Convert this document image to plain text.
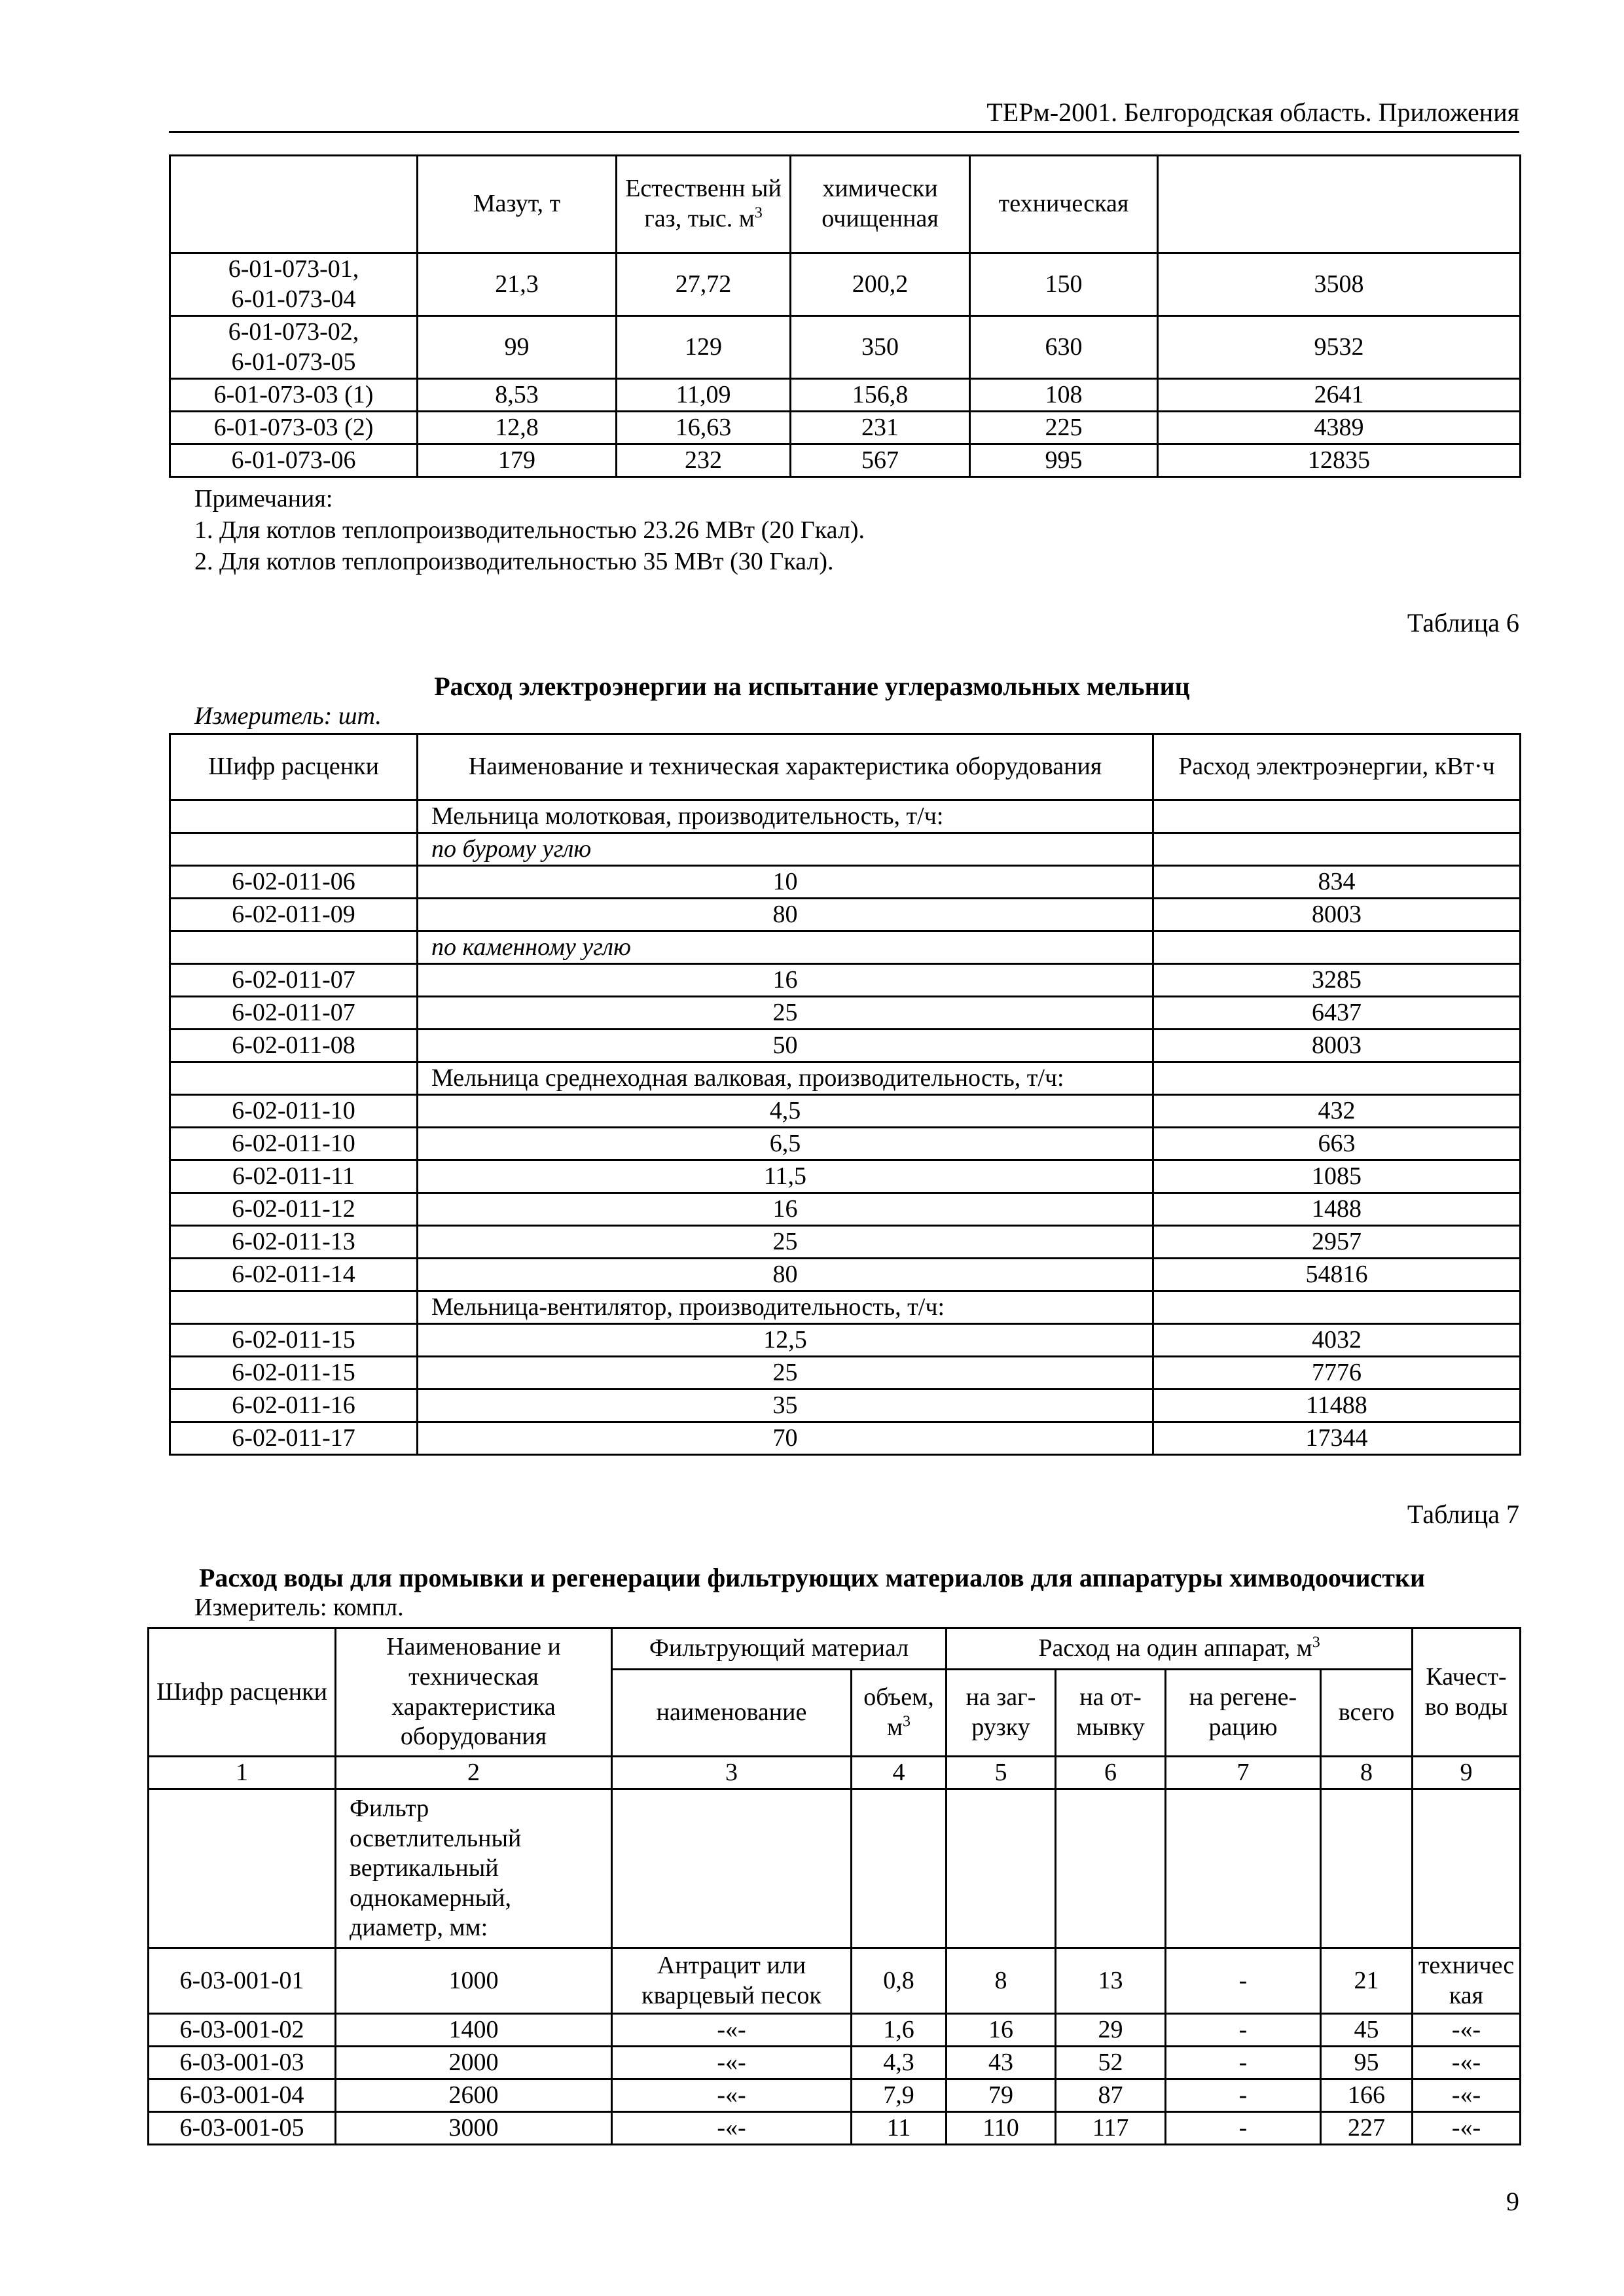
ТЕРм-2001. Белгородская область. Приложения
	Мазут, т	Естественн ый газ, тыс. $м^3$	химически очищенная	техническая	

6-01-073-01,
6-01-073-04	21,3	27,72	200,2	150	3508

6-01-073-02,
6-01-073-05	99	129	350	630	9532
6-01-073-03 (1)	8,53	11,09	156,8	108	2641
6-01-073-03 (2)	12,8	16,63	231	225	4389
6-01-073-06	179	232	567	995	12835
Примечания:
1. Для котлов теплопроизводительностью 23.26 МВт (20 Гкал).
2. Для котлов теплопроизводительностью 35 МВт (30 Гкал).
Таблица 6
Расход электроэнергии на испытание углеразмольных мельниц
Измеритель: шт.
Шифр расценки	Наименование и техническая характеристика оборудования	Расход электроэнергии, кВт·ч
	Мельница молотковая, производительность, т/ч:	
	по бурому углю	
6-02-011-06	10	834
6-02-011-09	80	8003
	по каменному углю	
6-02-011-07	16	3285
6-02-011-07	25	6437
6-02-011-08	50	8003
	Мельница среднеходная валковая, производительность, т/ч:	
6-02-011-10	4,5	432
6-02-011-10	6,5	663
6-02-011-11	11,5	1085
6-02-011-12	16	1488
6-02-011-13	25	2957
6-02-011-14	80	54816
	Мельница-вентилятор, производительность, т/ч:	
6-02-011-15	12,5	4032
6-02-011-15	25	7776
6-02-011-16	35	11488
6-02-011-17	70	17344
Таблица 7
Расход воды для промывки и регенерации фильтрующих материалов для аппаратуры химводоочистки
Измеритель: компл.
Шифр расценки	Наименование и техническая характеристика оборудования	Фильтрующий материал		Расход на один аппарат, $м^3$				Качест-во воды
		наименование	объем, $м^3$	на заг-рузку	на от-мывку	на регене-рацию	всего	
1	2	3	4	5	6	7	8	9
	Фильтр осветлительный вертикальный однокамерный, диаметр, мм:							
6-03-001-01	1000	Антрацит или кварцевый песок	0,8	8	13	-	21	техническая
6-03-001-02	1400	-«-	1,6	16	29	-	45	-«-
6-03-001-03	2000	-«-	4,3	43	52	-	95	-«-
6-03-001-04	2600	-«-	7,9	79	87	-	166	-«-
6-03-001-05	3000	-«-	11	110	117	-	227	-«-
9
